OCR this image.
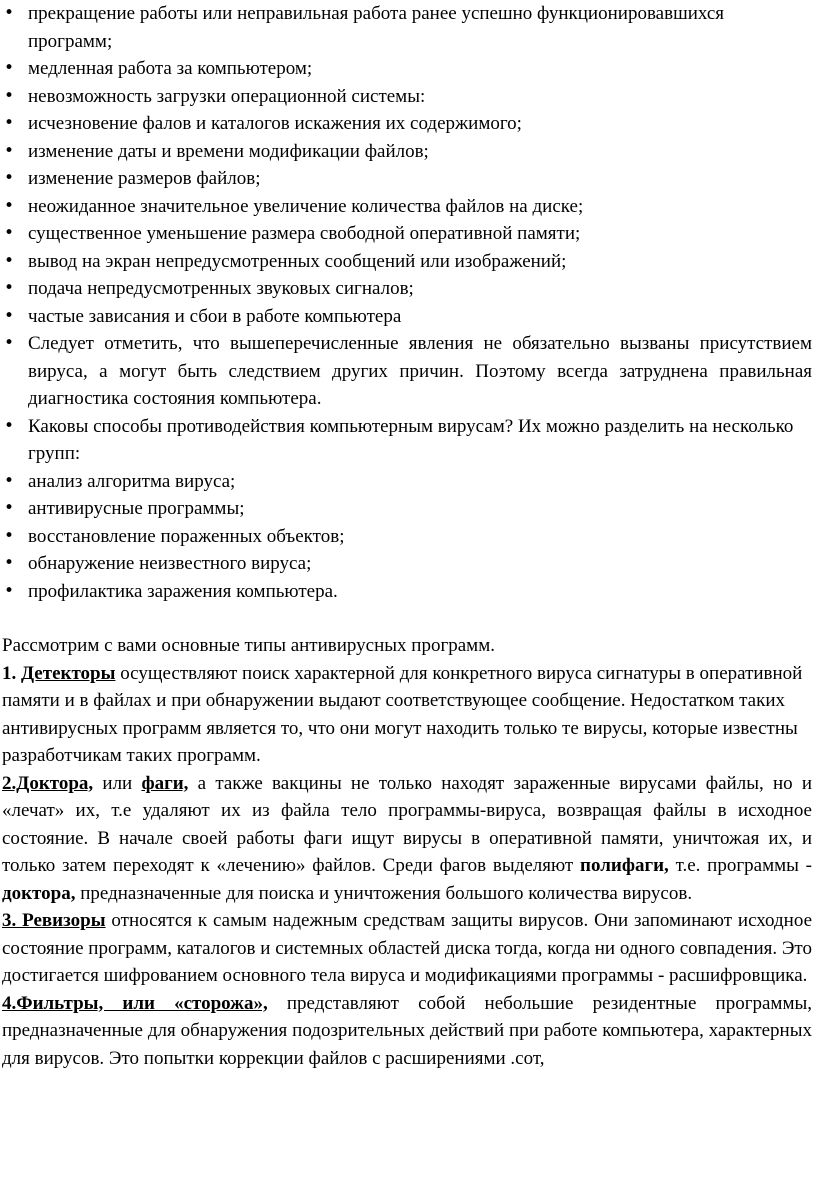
• прекращение работы или неправильная работа ранее успешно функционировавшихся программ;
• медленная работа за компьютером;
• невозможность загрузки операционной системы:
• исчезновение фалов и каталогов искажения их содержимого;
• изменение даты и времени модификации файлов;
• изменение размеров файлов;
• неожиданное значительное увеличение количества файлов на диске;
• существенное уменьшение размера свободной оперативной памяти;
• вывод на экран непредусмотренных сообщений или изображений;
• подача непредусмотренных звуковых сигналов;
• частые зависания и сбои в работе компьютера
• Следует отметить, что вышеперечисленные явления не обязательно вызваны присутствием вируса, а могут быть следствием других причин. Поэтому всегда затруднена правильная диагностика состояния компьютера.
• Каковы способы противодействия компьютерным вирусам? Их можно разделить на несколько групп:
• анализ алгоритма вируса;
• антивирусные программы;
• восстановление пораженных объектов;
• обнаружение неизвестного вируса;
• профилактика заражения компьютера.

Рассмотрим с вами основные типы антивирусных программ.

1. Детекторы осуществляют поиск характерной для конкретного вируса сигнатуры в оперативной памяти и в файлах и при обнаружении выдают соответствующее сообщение. Недостатком таких антивирусных программ является то, что они могут находить только те вирусы, которые известны разработчикам таких программ.

2.Доктора, или фаги, а также вакцины не только находят зараженные вирусами файлы, но и «лечат» их, т.е удаляют их из файла тело программы-вируса, возвращая файлы в исходное состояние. В начале своей работы фаги ищут вирусы в оперативной памяти, уничтожая их, и только затем переходят к «лечению» файлов. Среди фагов выделяют полифаги, т.е. программы - доктора, предназначенные для поиска и уничтожения большого количества вирусов.

3. Ревизоры относятся к самым надежным средствам защиты вирусов. Они запоминают исходное состояние программ, каталогов и системных областей диска тогда, когда ни одного совпадения. Это достигается шифрованием основного тела вируса и модификациями программы - расшифровщика.

4.Фильтры, или «сторожа», представляют собой небольшие резидентные программы, предназначенные для обнаружения подозрительных действий при работе компьютера, характерных для вирусов. Это попытки коррекции файлов с расширениями .сот,
